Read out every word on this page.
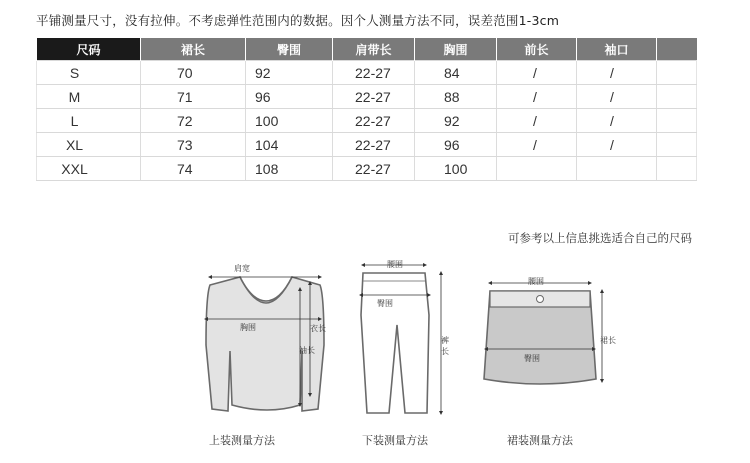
平铺测量尺寸，没有拉伸。不考虑弹性范围内的数据。因个人测量方法不同，误差范围1-3cm
尺码	裙长	臀围	肩带长	胸围	前长	袖口	
S	70	92	22-27	84	/	/	
M	71	96	22-27	88	/	/	
L	72	100	22-27	92	/	/	
XL	73	104	22-27	96	/	/	
XXL	74	108	22-27	100			
可参考以上信息挑选适合自己的尺码
肩宽
胸围	衣长
袖长
腰围
臀围
裤长
腰围
臀围
裙长
上装测量方法	下装测量方法	裙装测量方法
